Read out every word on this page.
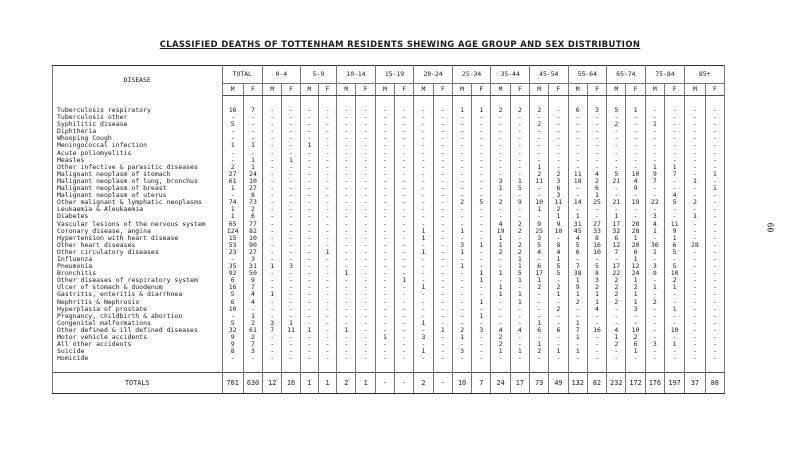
CLASSIFIED DEATHS OF TOTTENHAM RESIDENTS SHEWING AGE GROUP AND SEX DISTRIBUTION
60
DISEASE	TOTAL		0-4		5-9		10-14		15-19		20-24		25-34		35-44		45-54		55-64		65-74		75-84		85+	
	M	F	M	F	M	F	M	F	M	F	M	F	M	F	M	F	M	F	M	F	M	F	M	F	M	F

Tuberculosis respiratory	16	7	-	-	-	-	-	-	-	-	-	-	1	1	2	2	2	-	6	3	5	1	-	-	-	-
Tuberculosis other	-	-	-	-	-	-	-	-	-	-	-	-	-	-	-	-	-	-	-	-	-	-	-	-	-	-
Syphilitic disease	5	-	-	-	-	-	-	-	-	-	-	-	-	-	-	-	2	-	-	-	2	-	1	-	-	-
Diphtheria	-	-	-	-	-	-	-	-	-	-	-	-	-	-	-	-	-	-	-	-	-	-	-	-	-	-
Whooping Cough	-	-	-	-	-	-	-	-	-	-	-	-	-	-	-	-	-	-	-	-	-	-	-	-	-	-
Meningococcal infection	1	1	-	-	1	-	-	-	-	-	-	-	-	-	-	-	-	-	-	-	-	-	-	-	-	-
Acute poliomyelitis	-	-	-	-	-	-	-	-	-	-	-	-	-	-	-	-	-	-	-	-	-	-	-	-	-	-
Measles	-	1	-	1	-	-	-	-	-	-	-	-	-	-	-	-	-	-	-	-	-	-	-	-	-	-
Other infective & parasitic diseases	2	1	-	-	-	-	-	-	-	-	-	-	-	-	-	-	1	-	-	-	-	-	1	1	-	-
Malignant neoplasm of stomach	27	24	-	-	-	-	-	-	-	-	-	-	-	-	-	-	2	2	11	4	5	10	9	7	-	1
Malignant neoplasm of lung, bronchus	61	10	-	-	-	-	-	-	-	-	-	-	-	-	3	1	11	3	18	2	21	4	7	-	1	-
Malignant neoplasm of breast	1	27	-	-	-	-	-	-	-	-	-	-	-	-	1	5	-	6	-	6	-	9	-	-	-	1
Malignant neoplasm of uterus	-	8	-	-	-	-	-	-	-	-	-	-	-	-	-	-	-	3	-	1	-	-	-	4	-	-
Other malignant & lymphatic neoplasms	74	73	-	-	-	-	-	-	-	-	-	-	2	5	2	9	10	11	14	25	21	19	22	5	2	-
Leukaemia & Aleukaemia	1	2	-	-	-	-	-	-	-	-	-	-	-	-	-	-	1	2	-	-	-	-	-	-	-	-
Diabetes	1	6	-	-	-	-	-	-	-	-	-	-	-	-	-	-	-	1	1	-	1	-	3	-	1	-
Vascular lesions of the nervous system	65	77	-	-	-	-	-	-	-	-	-	-	-	-	4	2	9	9	31	27	17	28	4	11	-	-
Coronary disease, angina	124	82	-	-	-	-	-	-	-	-	1	-	1	-	19	2	25	10	45	33	32	28	1	9	-	-
Hypertension with heart disease	15	10	-	-	-	-	-	-	-	-	1	-	-	-	1	-	3	-	4	8	6	1	-	1	-	-
Other heart diseases	53	90	-	-	-	-	-	-	-	-	-	-	3	1	1	2	5	8	5	16	12	20	36	6	28	-
Other circulatory diseases	23	27	-	-	-	1	-	-	-	-	1	-	1	-	2	2	4	4	6	10	7	6	1	5	-	-
Influenza	-	3	-	-	-	-	-	-	-	-	-	-	-	-	-	1	-	1	-	-	-	1	-	-	-	-
Pneumonia	35	31	1	3	-	-	-	-	-	-	-	-	1	-	-	1	6	5	7	5	17	12	3	5	-	-
Bronchitis	92	50	-	-	-	-	1	-	-	-	-	-	-	1	1	5	17	5	38	8	22	24	9	10	-	-
Other diseases of respiratory system	6	9	-	-	-	-	-	-	-	1	-	-	-	1	-	1	1	-	1	3	2	1	-	2	-	-
Ulcer of stomach & duodenum	16	7	-	-	-	-	-	-	-	-	1	-	-	-	1	-	2	2	9	2	2	2	1	1	-	-
Gastritis, enteritis & diarrhoea	5	4	1	-	-	-	-	-	-	-	-	-	-	-	1	1	-	1	1	1	2	1	-	-	-	-
Nephritis & Nephrosis	6	4	-	-	-	-	-	-	-	-	-	-	-	1	-	1	-	-	2	1	2	1	2	-	-	-
Hyperplasia of prostate	10	-	-	-	-	-	-	-	-	-	-	-	-	-	-	-	-	2	-	4	-	3	-	1	-	-
Pregnancy, childbirth & abortion	-	1	-	-	-	-	-	-	-	-	-	-	-	1	-	-	-	-	-	-	-	-	-	-	-	-
Congenital malformations	5	2	3	1	-	-	-	-	-	-	1	-	-	-	-	-	1	-	1	-	-	-	-	-	-	-
Other defined & ill defined diseases	32	61	7	11	1	-	1	-	-	-	-	1	2	3	4	4	6	6	7	16	4	10	-	10	-	-
Motor vehicle accidents	9	2	-	-	-	-	-	-	1	-	3	-	1	-	2	-	-	-	1	-	1	2	-	-	-	-
All other accidents	9	7	-	-	-	-	-	-	-	-	-	-	-	-	2	-	1	-	-	-	2	6	3	1	-	-
Suicide	8	3	-	-	-	-	-	-	-	-	1	-	3	-	1	1	2	1	1	-	-	1	-	-	-	-
Homicide	-	-	-	-	-	-	-	-	-	-	-	-	-	-	-	-	-	-	-	-	-	-	-	-	-	-
TOTALS	701	630	12	16	1	1	2	1	-	-	2	-	10	7	24	17	73	49	132	82	232	172	176	197	37	88
